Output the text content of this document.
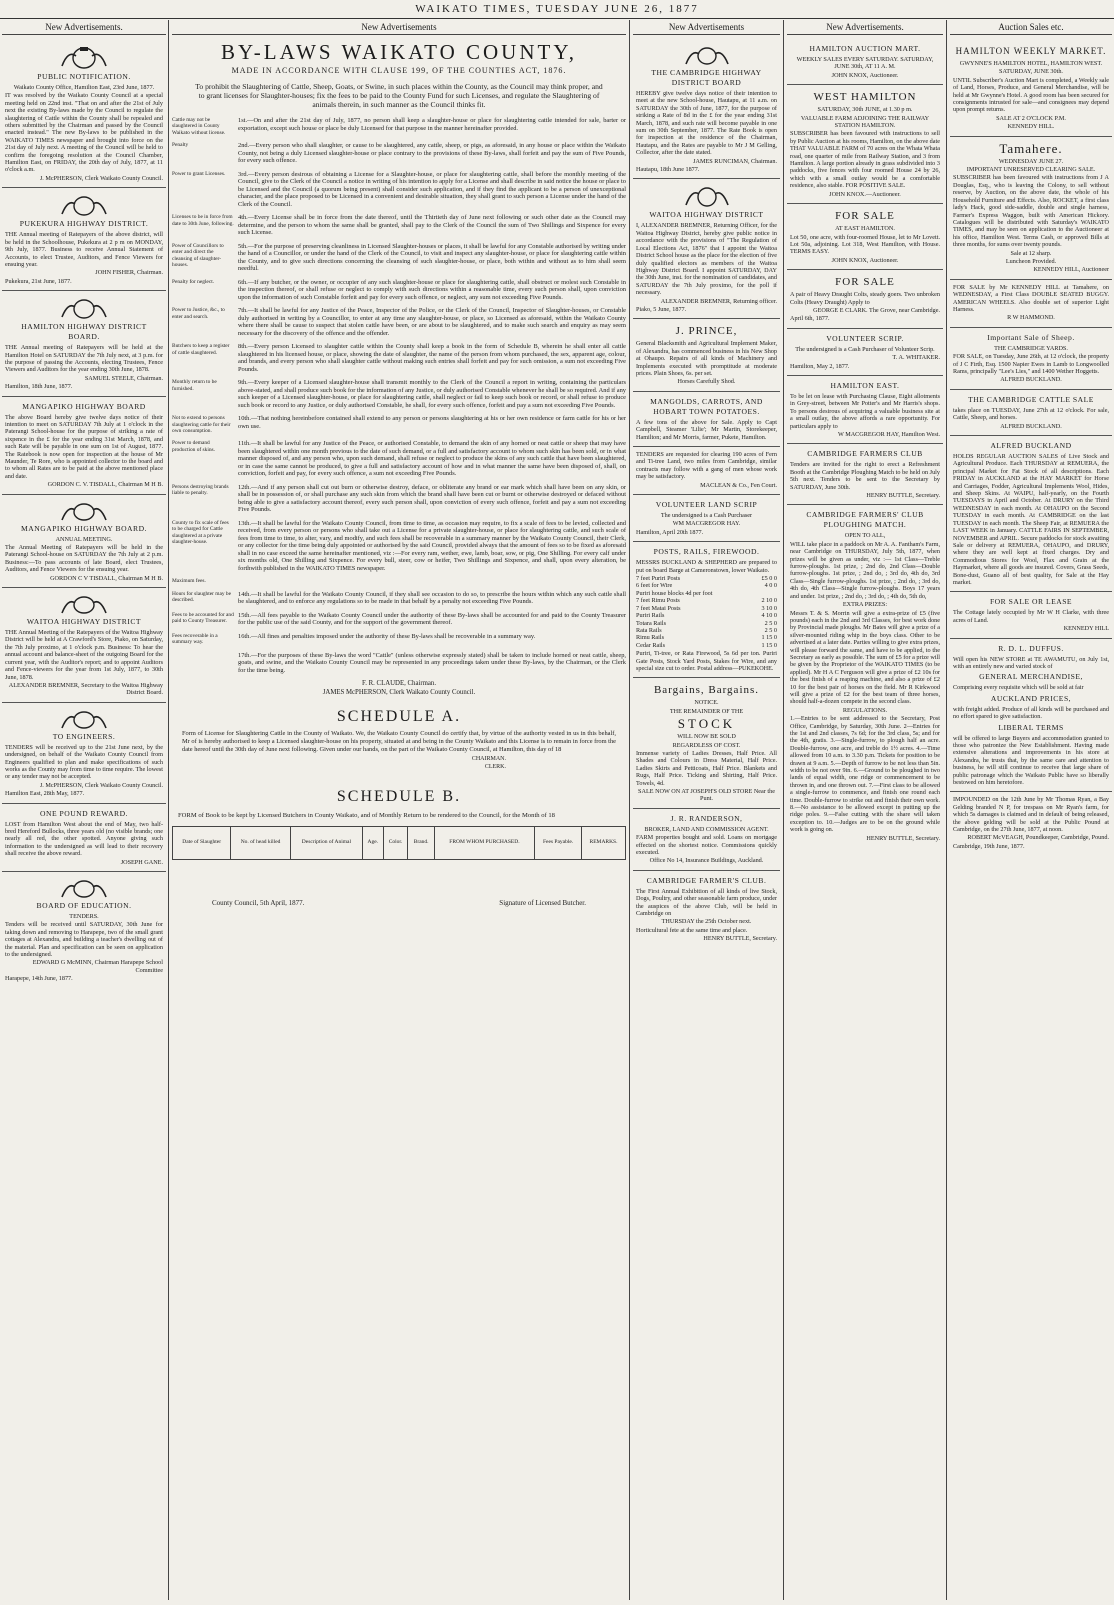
WAIKATO TIMES, TUESDAY JUNE 26, 1877
New Advertisements.
PUBLIC NOTIFICATION.
Waikato County Office, Hamilton East, 23rd June, 1877.
IT was resolved by the Waikato County Council at a special meeting held on 22nd inst. "That on and after the 21st of July next the existing By-laws made by the Council to regulate the slaughtering of Cattle within the County shall be repealed and others submitted by the Chairman and passed by the Council enacted instead." The new By-laws to be published in the WAIKATO TIMES newspaper and brought into force on the 21st day of July next. A meeting of the Council will be held to confirm the foregoing resolution at the Council Chamber, Hamilton East, on FRIDAY, the 20th day of July, 1877, at 11 o'clock a.m.
J. McPHERSON, Clerk Waikato County Council.
PUKEKURA HIGHWAY DISTRICT.
THE Annual meeting of Ratepayers of the above district, will be held in the Schoolhouse, Pukekura at 2 p m on MONDAY, 9th July, 1877. Business to receive Annual Statement of Accounts, to elect Trustee, Auditors, and Fence Viewers for ensuing year.
JOHN FISHER, Chairman.
Pukekura, 21st June, 1877.
HAMILTON HIGHWAY DISTRICT BOARD.
THE Annual meeting of Ratepayers will be held at the Hamilton Hotel on SATURDAY the 7th July next, at 3 p.m. for the purpose of passing the Accounts, electing Trustees, Fence Viewers and Auditors for the year ending 30th June, 1878.
SAMUEL STEELE, Chairman.
Hamilton, 18th June, 1877.
MANGAPIKO HIGHWAY BOARD
The above Board hereby give twelve days notice of their intention to meet on SATURDAY 7th July at 1 o'clock in the Paterangi School-house for the purpose of striking a rate of sixpence in the £ for the year ending 31st March, 1878, and such Rate will be payable in one sum on 1st of August, 1877. The Ratebook is now open for inspection at the house of Mr Maunder, Te Rore, who is appointed collector to the board and to whom all Rates are to be paid at the above mentioned place and date.
GORDON C. V. TISDALL, Chairman M H B.
MANGAPIKO HIGHWAY BOARD.
ANNUAL MEETING.
The Annual Meeting of Ratepayers will be held in the Paterangi School-house on SATURDAY the 7th July at 2 p.m. Business:—To pass accounts of late Board, elect Trustees, Auditors, and Fence Viewers for the ensuing year.
GORDON C V TISDALL, Chairman M H B.
WAITOA HIGHWAY DISTRICT
THE Annual Meeting of the Ratepayers of the Waitoa Highway District will be held at A Crawford's Store, Piako, on Saturday, the 7th July proximo, at 1 o'clock p.m. Business: To hear the annual account and balance-sheet of the outgoing Board for the current year, with the Auditor's report; and to appoint Auditors and Fence-viewers for the year from 1st July, 1877, to 30th June, 1878.
ALEXANDER BREMNER, Secretary to the Waitoa Highway District Board.
TO ENGINEERS.
TENDERS will be received up to the 21st June next, by the undersigned, on behalf of the Waikato County Council from Engineers qualified to plan and make specifications of such works as the County may from time to time require. The lowest or any tender may not be accepted.
J. McPHERSON, Clerk Waikato County Council.
Hamilton East, 28th May, 1877.
ONE POUND REWARD.
LOST from Hamilton West about the end of May, two half-bred Hereford Bullocks, three years old (no visible brands; one nearly all red, the other spotted. Anyone giving such information to the undersigned as will lead to their recovery shall receive the above reward.
JOSEPH GANE.
BOARD OF EDUCATION.
TENDERS.
Tenders will be received until SATURDAY, 30th June for taking down and removing to Harapepe, two of the small grant cottages at Alexandra, and building a teacher's dwelling out of the material. Plan and specification can be seen on application to the undersigned.
EDWARD G McMINN, Chairman Harapepe School Committee
Harapepe, 14th June, 1877.
New Advertisements
BY-LAWS WAIKATO COUNTY,
MADE IN ACCORDANCE WITH CLAUSE 199, OF THE COUNTIES ACT, 1876.
To prohibit the Slaughtering of Cattle, Sheep, Goats, or Swine, in such places within the County, as the Council may think proper, and to grant licenses for Slaughter-houses; fix the fees to be paid to the County Fund for such Licenses, and regulate the Slaughtering of animals therein, in such manner as the Council thinks fit.
Cattle may not be slaughtered in County Waikato without license.
1st.—On and after the 21st day of July, 1877, no person shall keep a slaughter-house or place for slaughtering cattle intended for sale, barter or exportation, except such house or place be duly Licensed for that purpose in the manner hereinafter provided.
Penalty	2nd.—Every person who shall slaughter, or cause to be slaughtered, any cattle, sheep, or pigs, as aforesaid, in any house or place within the Waikato County, not being a duly Licensed slaughter-house or place contrary to the provisions of these By-laws, shall forfeit and pay the sum of Five Pounds, for every such offence.
Power to grant Licenses.	3rd.—Every person desirous of obtaining a License for a Slaughter-house, or place for slaughtering cattle, shall before the monthly meeting of the Council, give to the Clerk of the Council a notice in writing of his intention to apply for a License and shall describe in said notice the house or place to be Licensed and the Council (a quorum being present) shall consider such application, and if they find the applicant to be a person of unexceptional character, and the place proposed to be Licensed in a convenient and desirable situation, they shall grant to such person a License under the hand of the Clerk of the Council.
Licenses to be in force from date to 30th June, following.
4th.—Every License shall be in force from the date thereof, until the Thirtieth day of June next following or such other date as the Council may determine, and the person to whom the same shall be granted, shall pay to the Clerk of the Council the sum of Two Shillings and Sixpence for every such License.
Power of Councillors to enter and direct the cleansing of slaughter-houses.
5th.—For the purpose of preserving cleanliness in Licensed Slaughter-houses or places, it shall be lawful for any Constable authorised by writing under the hand of a Councillor, or under the hand of the Clerk of the Council, to visit and inspect any slaughter-house, or place for slaughtering cattle within the County, and to give such directions concerning the cleansing of such slaughter-house, or place, both within and without as to him shall seem needful.
Penalty for neglect.	6th.—If any butcher, or the owner, or occupier of any such slaughter-house or place for slaughtering cattle, shall obstruct or molest such Constable in the inspection thereof, or shall refuse or neglect to comply with such directions within a reasonable time, every such person shall, upon conviction upon the information of such Constable forfeit and pay for every such offence, or neglect, any sum not exceeding Five Pounds.
Power to Justice, &c., to enter and search.
7th.—It shall be lawful for any Justice of the Peace, Inspector of the Police, or the Clerk of the Council, Inspector of Slaughter-houses, or Constable duly authorised in writing by a Councillor, to enter at any time any slaughter-house, or place, so Licensed as aforesaid, within the Waikato County where there shall be cause to suspect that stolen cattle have been, or are about to be slaughtered, and to make such search and enquiry as may seem necessary for the discovery of the offence and the offender.
Butchers to keep a register of cattle slaughtered.
8th.—Every person Licensed to slaughter cattle within the County shall keep a book in the form of Schedule B, wherein he shall enter all cattle slaughtered in his licensed house, or place, showing the date of slaughter, the name of the person from whom purchased, the sex, apparent age, colour, and brands, and every person who shall slaughter cattle without making such entries shall forfeit and pay for such omission, a sum not exceeding Five Pounds.
Monthly return to be furnished.
9th.—Every keeper of a Licensed slaughter-house shall transmit monthly to the Clerk of the Council a report in writing, containing the particulars above-stated, and shall produce such book for the information of any Justice, or duly authorised Constable whenever he shall be so required. And if any such keeper of a Licensed slaughter-house, or place for slaughtering cattle, shall neglect or fail to keep such book or record, or shall refuse to produce such book or record to any Justice, or duly authorised Constable, he shall, for every such offence, forfeit and pay a sum not exceeding Five Pounds.
Not to extend to persons slaughtering cattle for their own consumption.
10th.—That nothing hereinbefore contained shall extend to any person or persons slaughtering at his or her own residence or farm cattle for his or her own use.
Power to demand production of skins.
11th.—It shall be lawful for any Justice of the Peace, or authorised Constable, to demand the skin of any horned or neat cattle or sheep that may have been slaughtered within one month previous to the date of such demand, or a full and satisfactory account to whom such skin has been sold, or in what manner disposed of, and any person who, upon such demand, shall refuse or neglect to produce the skins of any such cattle that have been slaughtered, or in case the same cannot be produced, to give a full and satisfactory account of how and in what manner the same have been disposed of, shall, on conviction, forfeit and pay, for every such offence, a sum not exceeding Five Pounds.
Persons destroying brands liable to penalty.
12th.—And if any person shall cut out burn or otherwise destroy, deface, or obliterate any brand or ear mark which shall have been on any skin, or shall be in possession of, or shall purchase any such skin from which the brand shall have been cut or burnt or otherwise destroyed or defaced without being able to give a satisfactory account thereof, every such person shall, upon conviction of every such offence, forfeit and pay a sum not exceeding Five Pounds.
County to fix scale of fees to be charged for Cattle slaughtered at a private slaughter-house.
13th.—It shall be lawful for the Waikato County Council, from time to time, as occasion may require, to fix a scale of fees to be levied, collected and received, from every person or persons who shall take out a License for a private slaughter-house, or place for slaughtering cattle, and such scale of fees from time to time, to alter, vary, and modify, and such fees shall be recoverable in a summary manner by the Waikato County Council, their Clerk, or any collector for the time being duly appointed or authorised by the said Council, provided always that the amount of fees so to be fixed as aforesaid shall in no case exceed the same hereinafter mentioned, viz :—For every ram, wether, ewe, lamb, boar, sow, or pig, One Shilling. For every calf under six months old, One Shilling and Sixpence. For every bull, steer, cow or heifer, Two Shillings and Sixpence, and shall, upon every alteration, be forthwith published in the WAIKATO TIMES newspaper.
Maximum fees.
Hours for slaughter may be described.
14th.—It shall be lawful for the Waikato County Council, if they shall see occasion to do so, to prescribe the hours within which any such cattle shall be slaughtered, and to enforce any regulations so to be made in that behalf by a penalty not exceeding Five Pounds.
Fees to be accounted for and paid to County Treasurer.
15th.—All fees payable to the Waikato County Council under the authority of these By-laws shall be accounted for and paid to the County Treasurer for the public use of the said County, and for the support of the government thereof.
Fees recoverable in a summary way.
16th.—All fines and penalties imposed under the authority of these By-laws shall be recoverable in a summary way.
17th.—For the purposes of these By-laws the word "Cattle" (unless otherwise expressly stated) shall be taken to include horned or neat cattle, sheep, goats, and swine, and the Waikato County Council may be represented in any proceedings taken under these By-laws, by the Chairman, or the Clerk for the time being.
F. R. CLAUDE, Chairman.
JAMES McPHERSON, Clerk Waikato County Council.
SCHEDULE A.
Form of License for Slaughtering Cattle in the County of Waikato. We, the Waikato County Council do certify that, by virtue of the authority vested in us in this behalf, Mr of is hereby authorised to keep a Licensed slaughter-house on his property, situated at and being in the County Waikato and this License is to remain in force from the date hereof until the 30th day of June next following. Given under our hands, on the part of the Waikato County Council, at Hamilton, this day of 18
CHAIRMAN.
CLERK.
SCHEDULE B.
FORM of Book to be kept by Licensed Butchers in County Waikato, and of Monthly Return to be rendered to the Council, for the Month of 18
Date of Slaughter	No. of head killed	Description of Animal	Age.	Color.	Brand.	FROM WHOM PURCHASED.	Fees Payable.	REMARKS.
County Council, 5th April, 1877.	Signature of Licensed Butcher.
New Advertisements
THE CAMBRIDGE HIGHWAY DISTRICT BOARD
HEREBY give twelve days notice of their intention to meet at the new School-house, Hautapu, at 11 a.m. on SATURDAY the 30th of June, 1877, for the purpose of striking a Rate of 8d in the £ for the year ending 31st March, 1878, and such rate will become payable in one sum on 30th September, 1877. The Rate Book is open for inspection at the residence of the Chairman, Hautapu, and the Rates are payable to Mr J M Gelling, Collector, after the date stated.
JAMES RUNCIMAN, Chairman.
Hautapu, 18th June 1877.
WAITOA HIGHWAY DISTRICT
I, ALEXANDER BREMNER, Returning Officer, for the Waitoa Highway District, hereby give public notice in accordance with the provisions of "The Regulation of Local Elections Act, 1876" that I appoint the Waitoa District School house as the place for the election of five duly qualified electors as members of the Waitoa Highway District Board. I appoint SATURDAY, DAY the 30th June, inst. for the nomination of candidates, and SATURDAY the 7th July proximo, for the poll if necessary.
ALEXANDER BREMNER, Returning officer.
Piako, 5 June, 1877.
J. PRINCE,
General Blacksmith and Agricultural Implement Maker, of Alexandra, has commenced business in his New Shop at Ohaupo. Repairs of all kinds of Machinery and Implements executed with promptitude at moderate prices. Plain Shoes, 6s. per set.
Horses Carefully Shod.
MANGOLDS, CARROTS, AND HOBART TOWN POTATOES.
A few tons of the above for Sale. Apply to Capt Campbell, Steamer 'Lilie'; Mr Martin, Storekeeper, Hamilton; and Mr Morris, farmer, Pukete, Hamilton.
TENDERS are requested for clearing 190 acres of Fern and Ti-tree Land, two miles from Cambridge, similar contracts may follow with a gang of men whose work may be satisfactory.
MACLEAN & Co., Fen Court.
VOLUNTEER LAND SCRIP
The undersigned is a Cash Purchaser
WM MACGREGOR HAY.
Hamilton, April 20th 1877.
POSTS, RAILS, FIREWOOD.
MESSRS BUCKLAND & SHEPHERD are prepared to put on board Barge at Cameronstown, lower Waikato.
7 feet Puriri Posts	£5 0 0
6 feet for Wire	4 0 0
Puriri house blocks 4d per foot
7 feet Rimu Posts	2 10 0
7 feet Matai Posts	3 10 0
Puriri Rails	4 10 0
Totara Rails	2 5 0
Rata Rails	2 5 0
Rimu Rails	1 15 0
Cedar Rails	1 15 0
Puriri, Ti-tree, or Rata Firewood, 5s 6d per ton. Puriri Gate Posts, Stock Yard Posts, Stakes for Wire, and any special size cut to order. Postal address—PUKEKOHE.
Bargains, Bargains.
NOTICE.
THE REMAINDER OF THE
STOCK
WILL NOW BE SOLD
REGARDLESS OF COST.
Immense variety of Ladies Dresses, Half Price. All Shades and Colours in Dress Material, Half Price. Ladies Skirts and Petticoats, Half Price. Blankets and Rugs, Half Price. Ticking and Shirting, Half Price. Towels, 4d.
SALE NOW ON AT JOSEPH'S OLD STORE Near the Punt.
J. R. RANDERSON,
BROKER, LAND AND COMMISSION AGENT.
FARM properties bought and sold. Loans on mortgage effected on the shortest notice. Commissions quickly executed.
Office No 14, Insurance Buildings, Auckland.
CAMBRIDGE FARMER'S CLUB.
The First Annual Exhibition of all kinds of live Stock, Dogs, Poultry, and other seasonable farm produce, under the auspices of the above Club, will be held in Cambridge on
THURSDAY the 25th October next.
Horticultural fete at the same time and place.
HENRY BUTTLE, Secretary.
New Advertisements.
HAMILTON AUCTION MART.
WEEKLY SALES EVERY SATURDAY. SATURDAY, JUNE 30th, AT 11 A. M.
JOHN KNOX, Auctioneer.
WEST HAMILTON
SATURDAY, 30th JUNE, at 1.30 p m.
VALUABLE FARM ADJOINING THE RAILWAY STATION HAMILTON.
SUBSCRIBER has been favoured with instructions to sell by Public Auction at his rooms, Hamilton, on the above date THAT VALUABLE FARM of 70 acres on the Whata Whata road, one quarter of mile from Railway Station, and 3 from Hamilton. A large portion already in grass subdivided into 3 paddocks, five fences with four roomed House 24 by 26, which with a small outlay would be a comfortable residence, also stable. FOR POSITIVE SALE.
JOHN KNOX.—Auctioneer.
FOR SALE
AT EAST HAMILTON.
Lot 50, one acre, with four-roomed House, let to Mr Lovett. Lot 50a, adjoining. Lot 318, West Hamilton, with House. TERMS EASY.
JOHN KNOX, Auctioneer.
FOR SALE
A pair of Heavy Draught Colts, steady goers. Two unbroken Colts (Heavy Draught) Apply to
GEORGE E CLARK. The Grove, near Cambridge.
April 6th, 1877.
VOLUNTEER SCRIP.
The undersigned is a Cash Purchaser of Volunteer Scrip.
T. A. WHITAKER.
Hamilton, May 2, 1877.
HAMILTON EAST.
To be let on lease with Purchasing Clause, Eight allotments in Grey-street, between Mr Potter's and Mr Harris's shops. To persons desirous of acquiring a valuable business site at a small outlay, the above affords a rare opportunity. For particulars apply to
W MACGREGOR HAY, Hamilton West.
CAMBRIDGE FARMERS CLUB
Tenders are invited for the right to erect a Refreshment Booth at the Cambridge Ploughing Match to be held on July 5th next. Tenders to be sent to the Secretary by SATURDAY, June 30th.
HENRY BUTTLE, Secretary.
CAMBRIDGE FARMERS' CLUB PLOUGHING MATCH.
OPEN TO ALL,
WILL take place in a paddock on Mr A. A. Fantham's Farm, near Cambridge on THURSDAY, July 5th, 1877, when prizes will be given as under, viz :— 1st Class—Treble furrow-ploughs. 1st prize, ; 2nd do, 2nd Class—Double furrow-ploughs. 1st prize, ; 2nd do, ; 3rd do, 4th do, 3rd Class—Single furrow-ploughs. 1st prize, ; 2nd do, ; 3rd do, 4th do, 4th Class—Single furrow-ploughs. Boys 17 years and under. 1st prize, ; 2nd do, ; 3rd do, ; 4th do, 5th do,
EXTRA PRIZES:
Messrs T. & S. Morrin will give a extra-prize of £5 (five pounds) each in the 2nd and 3rd Classes, for best work done by Provincial made ploughs. Mr Bates will give a prize of a silver-mounted riding whip in the boys class. Other to be advertised at a later date. Parties willing to give extra prizes, will please forward the same, and have to be applied, to the Secretary as early as possible. The sum of £5 for a prize will be given by the Proprietor of the WAIKATO TIMES (to be applied). Mr H A C Ferguson will give a prize of £2 10s for the best finish of a reaping machine, and also a prize of £2 10 for the best pair of horses on the field. Mr R Kirkwood will give a prize of £2 for the best team of three horses, should half-a-dozen compete in the second class.
REGULATIONS.
1.—Entries to be sent addressed to the Secretary, Post Office, Cambridge, by Saturday, 30th June. 2—Entries for the 1st and 2nd classes, 7s 6d; for the 3rd class, 5s; and for the 4th, gratis. 3.—Single-furrow, to plough half an acre. Double-furrow, one acre, and treble do 1½ acres. 4.—Time allowed from 10 a.m. to 3.30 p.m. Tickets for position to be drawn at 9 a.m. 5.—Depth of furrow to be not less than 5in. width to be not over 9in. 6.—Ground to be ploughed in two lands of equal width, one ridge or commencement to be thrown in, and one thrown out. 7.—First class to be allowed a single-furrow to commence, and finish one round each time. Double-furrow to strike out and finish their own work. 8.—No assistance to be allowed except in putting up the ridge poles. 9.—False cutting with the share will taken exception to. 10.—Judges are to be on the ground while work is going on.
HENRY BUTTLE, Secretary.
Auction Sales etc.
HAMILTON WEEKLY MARKET.
GWYNNE'S HAMILTON HOTEL, HAMILTON WEST.
SATURDAY, JUNE 30th.
UNTIL Subscriber's Auction Mart is completed, a Weekly sale of Land, Horses, Produce, and General Merchandise, will be held at Mr Gwynne's Hotel. A good room has been secured for consignments intrusted for sale—and consignees may depend upon prompt returns.
SALE AT 2 O'CLOCK P.M.
KENNEDY HILL.
Tamahere.
WEDNESDAY JUNE 27.
IMPORTANT UNRESERVED CLEARING SALE.
SUBSCRIBER has been favoured with instructions from J A Douglas, Esq., who is leaving the Colony, to sell without reserve, by Auction, on the above date, the whole of his Household Furniture and Effects. Also, ROCKET, a first class lady's Hack, good side-saddle, double and single harness, Farmer's Express Waggon, built with American Hickory. Catalogues will be distributed with Saturday's WAIKATO TIMES, and may be seen on application to the Auctioneer at his office, Hamilton West. Terms Cash, or approved Bills at three months, for sums over twenty pounds.
Sale at 12 sharp.
Luncheon Provided.
KENNEDY HILL, Auctioneer
FOR SALE by Mr KENNEDY HILL at Tamahere, on WEDNESDAY, a First Class DOUBLE SEATED BUGGY. AMERICAN WHEELS. Also double set of superior Light Harness.
R W HAMMOND.
Important Sale of Sheep.
THE CAMBRIDGE YARDS.
FOR SALE, on Tuesday, June 26th, at 12 o'clock, the property of J C Firth, Esq. 1500 Napier Ewes in Lamb to Longwoolled Rams, principally "Lee's Lies," and 1400 Wether Hoggetts.
ALFRED BUCKLAND.
THE CAMBRIDGE CATTLE SALE
takes place on TUESDAY, June 27th at 12 o'clock. For sale, Cattle, Sheep, and horses.
ALFRED BUCKLAND.
ALFRED BUCKLAND
HOLDS REGULAR AUCTION SALES of Live Stock and Agricultural Produce. Each THURSDAY at REMUERA, the principal Market for Fat Stock of all descriptions. Each FRIDAY in AUCKLAND at the HAY MARKET for Horse and Carriages, Fodder, Agricultural Implements Wool, Hides, and Sheep Skins. At WAIPU, half-yearly, on the Fourth TUESDAYS in April and October. At DRURY on the Third WEDNESDAY in each month. At OHAUPO on the Second TUESDAY in each month. At CAMBRIDGE on the last TUESDAY in each month. The Sheep Fair, at REMUERA the LAST WEEK in January. CATTLE FAIRS IN SEPTEMBER, NOVEMBER and APRIL. Secure paddocks for stock awaiting Sale or delivery at REMUERA, OHAUPO, and DRURY, where they are well kept at fixed charges. Dry and Commodious Stores for Wool, Flax and Grain at the Haymarket, where all goods are insured. Covers, Grass Seeds, Bone-dust, Guano all of best quality, for Sale at the Hay market.
FOR SALE OR LEASE
The Cottage lately occupied by Mr W H Clarke, with three acres of Land.
KENNEDY HILL
R. D. L. DUFFUS.
Will open his NEW STORE at TE AWAMUTU, on July 1st, with an entirely new and varied stock of
GENERAL MERCHANDISE,
Comprising every requisite which will be sold at fair
AUCKLAND PRICES,
with freight added. Produce of all kinds will be purchased and no effort spared to give satisfaction.
LIBERAL TERMS
will be offered to large Buyers and accommodation granted to those who patronize the New Establishment. Having made extensive alterations and improvements in his store at Alexandra, he trusts that, by the same care and attention to business, he will still continue to receive that large share of public patronage which the Waikato Public have so liberally bestowed on him heretofore.
IMPOUNDED on the 12th June by Mr Thomas Ryan, a Bay Gelding branded N P, for trespass on Mr Ryan's farm, for which 5s damages is claimed and in default of being released, the above gelding will be sold at the Public Pound at Cambridge, on the 27th June, 1877, at noon.
ROBERT McVEAGH, Poundkeeper, Cambridge, Pound.
Cambridge, 19th June, 1877.
